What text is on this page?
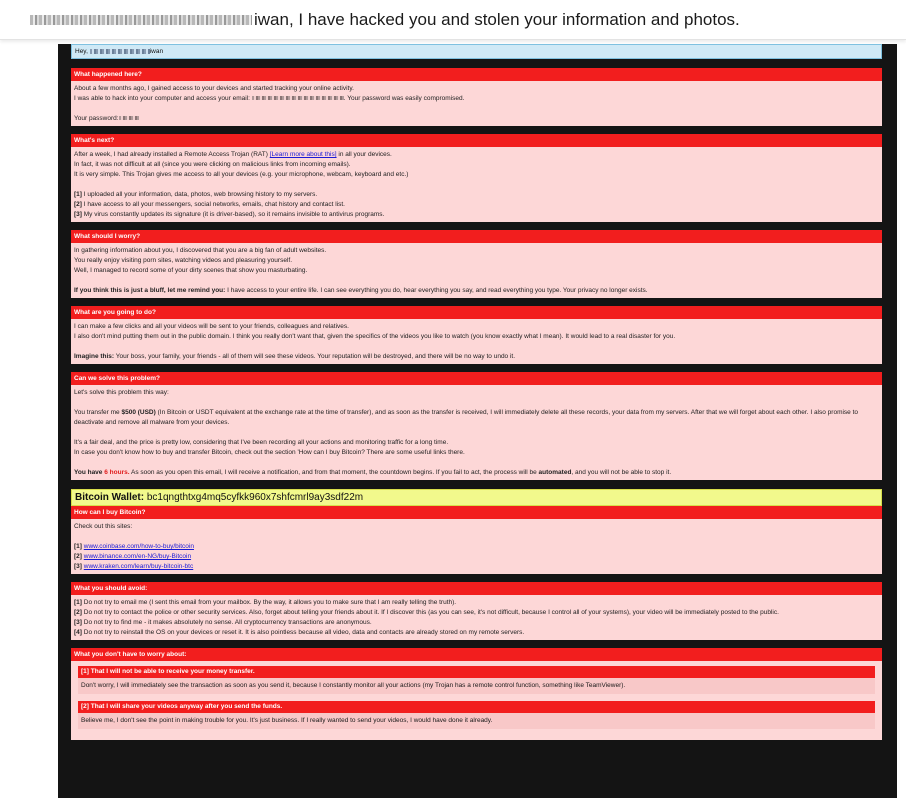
iwan, I have hacked you and stolen your information and photos.
Hey,	iwan
What happened here?

About a few months ago, I gained access to your devices and started tracking your online activity.

I was able to hack into your computer and access your email:	. Your password was easily compromised.

Your password:

What's next?

After a week, I had already installed a Remote Access Trojan (RAT) [Learn more about this] in all your devices.

In fact, it was not difficult at all (since you were clicking on malicious links from incoming emails).

It is very simple. This Trojan gives me access to all your devices (e.g. your microphone, webcam, keyboard and etc.)

[1] I uploaded all your information, data, photos, web browsing history to my servers.

[2] I have access to all your messengers, social networks, emails, chat history and contact list.

[3] My virus constantly updates its signature (it is driver-based), so it remains invisible to antivirus programs.

What should I worry?

In gathering information about you, I discovered that you are a big fan of adult websites.

You really enjoy visiting porn sites, watching videos and pleasuring yourself.

Well, I managed to record some of your dirty scenes that show you masturbating.

If you think this is just a bluff, let me remind you: I have access to your entire life. I can see everything you do, hear everything you say, and read everything you type. Your privacy no longer exists.

What are you going to do?

I can make a few clicks and all your videos will be sent to your friends, colleagues and relatives.

I also don't mind putting them out in the public domain. I think you really don't want that, given the specifics of the videos you like to watch (you know exactly what I mean). It would lead to a real disaster for you.

Imagine this: Your boss, your family, your friends - all of them will see these videos. Your reputation will be destroyed, and there will be no way to undo it.

Can we solve this problem?

Let's solve this problem this way:

You transfer me $500 (USD) (In Bitcoin or USDT equivalent at the exchange rate at the time of transfer), and as soon as the transfer is received, I will immediately delete all these records, your data from my servers. After that we will forget about each other. I also promise to deactivate and remove all malware from your devices.

It's a fair deal, and the price is pretty low, considering that I've been recording all your actions and monitoring traffic for a long time.

In case you don't know how to buy and transfer Bitcoin, check out the section 'How can I buy Bitcoin? There are some useful links there.

You have 6 hours. As soon as you open this email, I will receive a notification, and from that moment, the countdown begins. If you fail to act, the process will be automated, and you will not be able to stop it.

Bitcoin Wallet: bc1qngthtxg4mq5cyfkk960x7shfcmrl9ay3sdf22m
How can I buy Bitcoin?

Check out this sites:

[1] www.coinbase.com/how-to-buy/bitcoin

[2] www.binance.com/en-NG/buy-Bitcoin

[3] www.kraken.com/learn/buy-bitcoin-btc

What you should avoid:

[1] Do not try to email me (I sent this email from your mailbox. By the way, it allows you to make sure that I am really telling the truth).

[2] Do not try to contact the police or other security services. Also, forget about telling your friends about it. If I discover this (as you can see, it's not difficult, because I control all of your systems), your video will be immediately posted to the public.

[3] Do not try to find me - it makes absolutely no sense. All cryptocurrency transactions are anonymous.

[4] Do not try to reinstall the OS on your devices or reset it. It is also pointless because all video, data and contacts are already stored on my remote servers.

What you don't have to worry about:
[1] That I will not be able to receive your money transfer.
Don't worry, I will immediately see the transaction as soon as you send it, because I constantly monitor all your actions (my Trojan has a remote control function, something like TeamViewer).
[2] That I will share your videos anyway after you send the funds.
Believe me, I don't see the point in making trouble for you. It's just business. If I really wanted to send your videos, I would have done it already.
